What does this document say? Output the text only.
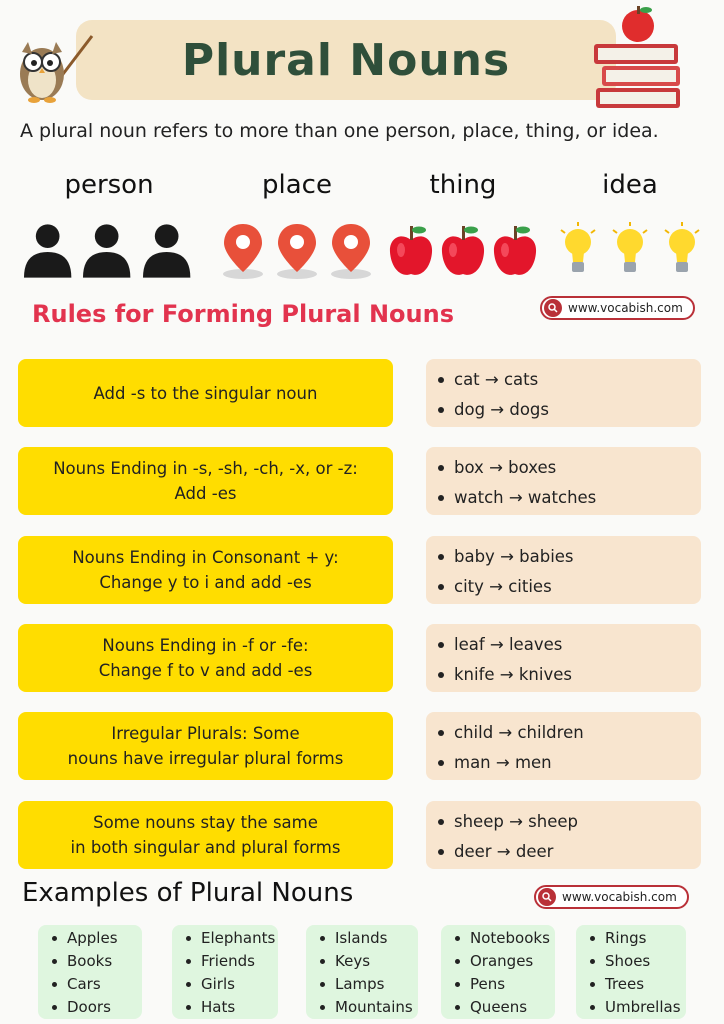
Plural Nouns
A plural noun refers to more than one person, place, thing, or idea.
person	place	thing	idea
Rules for Forming Plural Nouns	www.vocabish.com
Add -s to the singular noun
cat → cats
dog → dogs
Nouns Ending in -s, -sh, -ch, -x, or -z:
Add -es
box → boxes
watch → watches
Nouns Ending in Consonant + y:
Change y to i and add -es
baby → babies
city → cities
Nouns Ending in -f or -fe:
Change f to v and add -es
leaf → leaves
knife → knives
Irregular Plurals: Some
nouns have irregular plural forms
child → children
man → men
Some nouns stay the same
in both singular and plural forms
sheep → sheep
deer → deer
Examples of Plural Nouns	www.vocabish.com
Apples
Books
Cars
Doors
Elephants
Friends
Girls
Hats
Islands
Keys
Lamps
Mountains
Notebooks
Oranges
Pens
Queens
Rings
Shoes
Trees
Umbrellas
